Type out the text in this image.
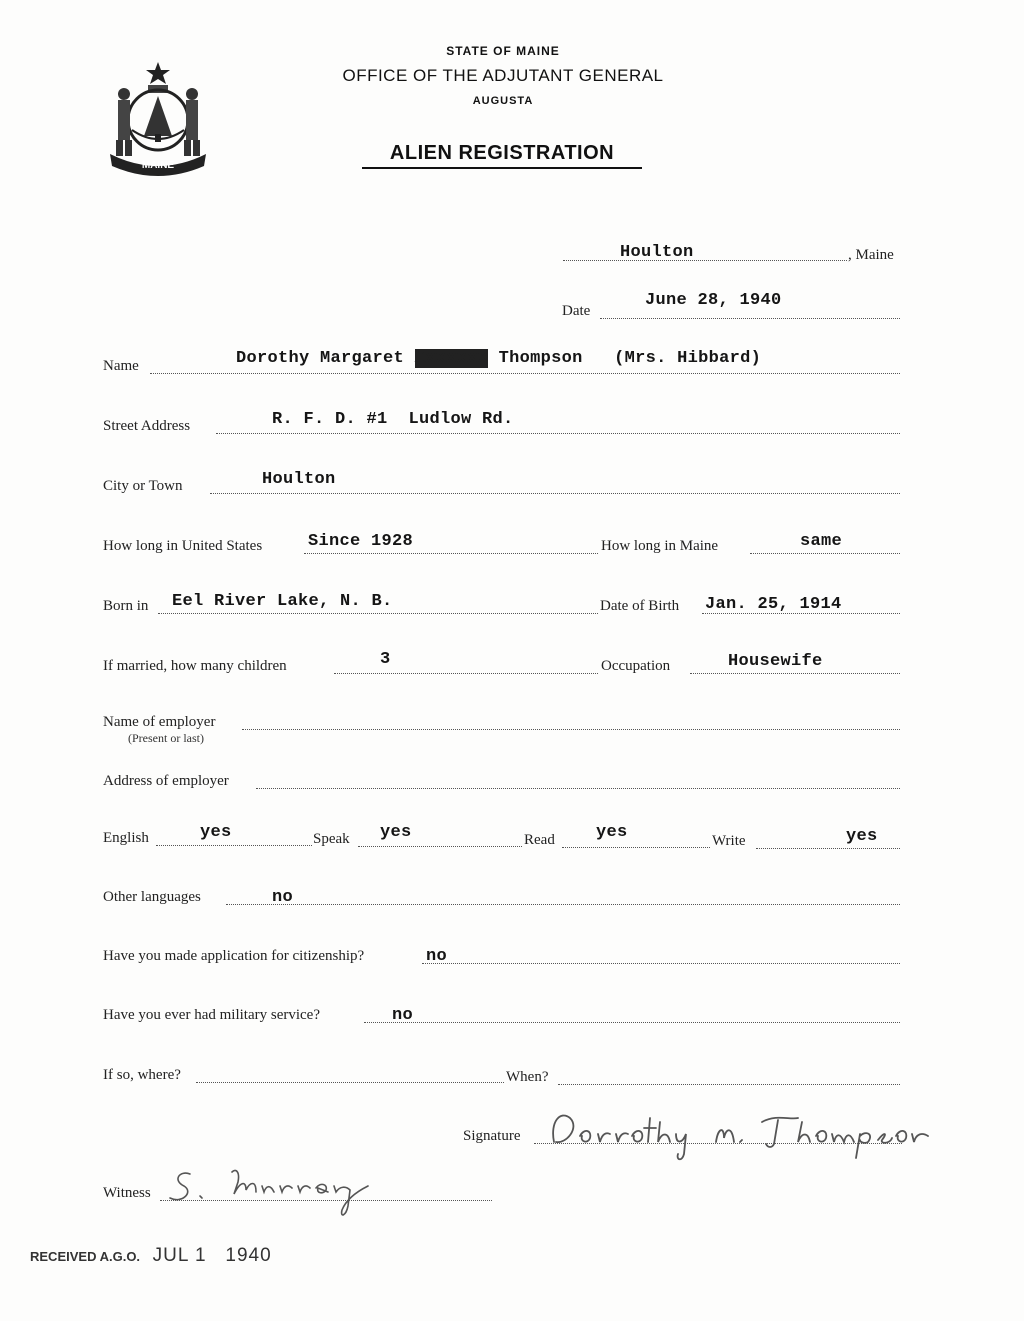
MAINE
STATE OF MAINE
OFFICE OF THE ADJUTANT GENERAL
AUGUSTA
ALIEN REGISTRATION
Houlton	, Maine
Date
June 28, 1940
Name	Dorothy Margaret Xxxxxxx Thompson (Mrs. Hibbard)
Street Address	R. F. D. #1  Ludlow Rd.
City or Town	Houlton
How long in United States	Since 1928	How long in Maine	same
Born in Eel River Lake, N. B.	Date of Birth Jan. 25, 1914
If married, how many children	3	Occupation	Housewife
Name of employer
(Present or last)
Address of employer
English	yes	Speak yes	Read yes	Write	yes
Other languages	no
Have you made application for citizenship?	no
Have you ever had military service?	no
If so, where?	When?
Signature
Witness
RECEIVED A.G.O. JUL 1 1940
